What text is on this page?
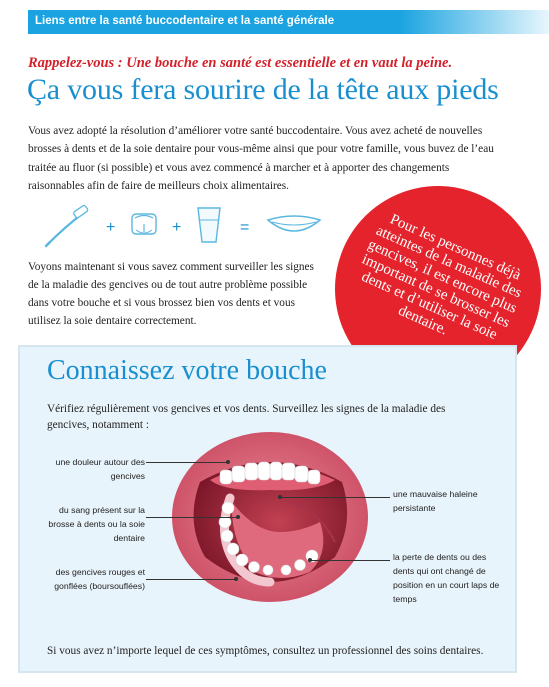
Liens entre la santé buccodentaire et la santé générale
Rappelez-vous : Une bouche en santé est essentielle et en vaut la peine.
Ça vous fera sourire de la tête aux pieds
Vous avez adopté la résolution d’améliorer votre santé buccodentaire. Vous avez acheté de nouvelles brosses à dents et de la soie dentaire pour vous-même ainsi que pour votre famille, vous buvez de l’eau traitée au fluor (si possible) et vous avez commencé à marcher et à apporter des changements raisonnables afin de faire de meilleurs choix alimentaires.
+	+	=
Voyons maintenant si vous savez comment surveiller les signes de la maladie des gencives ou de tout autre problème possible dans votre bouche et si vous brossez bien vos dents et vous utilisez la soie dentaire correctement.
Pour les personnes déjà atteintes de la maladie des gencives, il est encore plus important de se brosser les dents et d’utiliser la soie dentaire.
Connaissez votre bouche
Vérifiez régulièrement vos gencives et vos dents. Surveillez les signes de la maladie des gencives, notamment :
une douleur autour des gencives
du sang présent sur la brosse à dents ou la soie dentaire
des gencives rouges et gonflées (boursouflées)
une mauvaise haleine persistante
la perte de dents ou des dents qui ont changé de position en un court laps de temps
Si vous avez n’importe lequel de ces symptômes, consultez un professionnel des soins dentaires.
